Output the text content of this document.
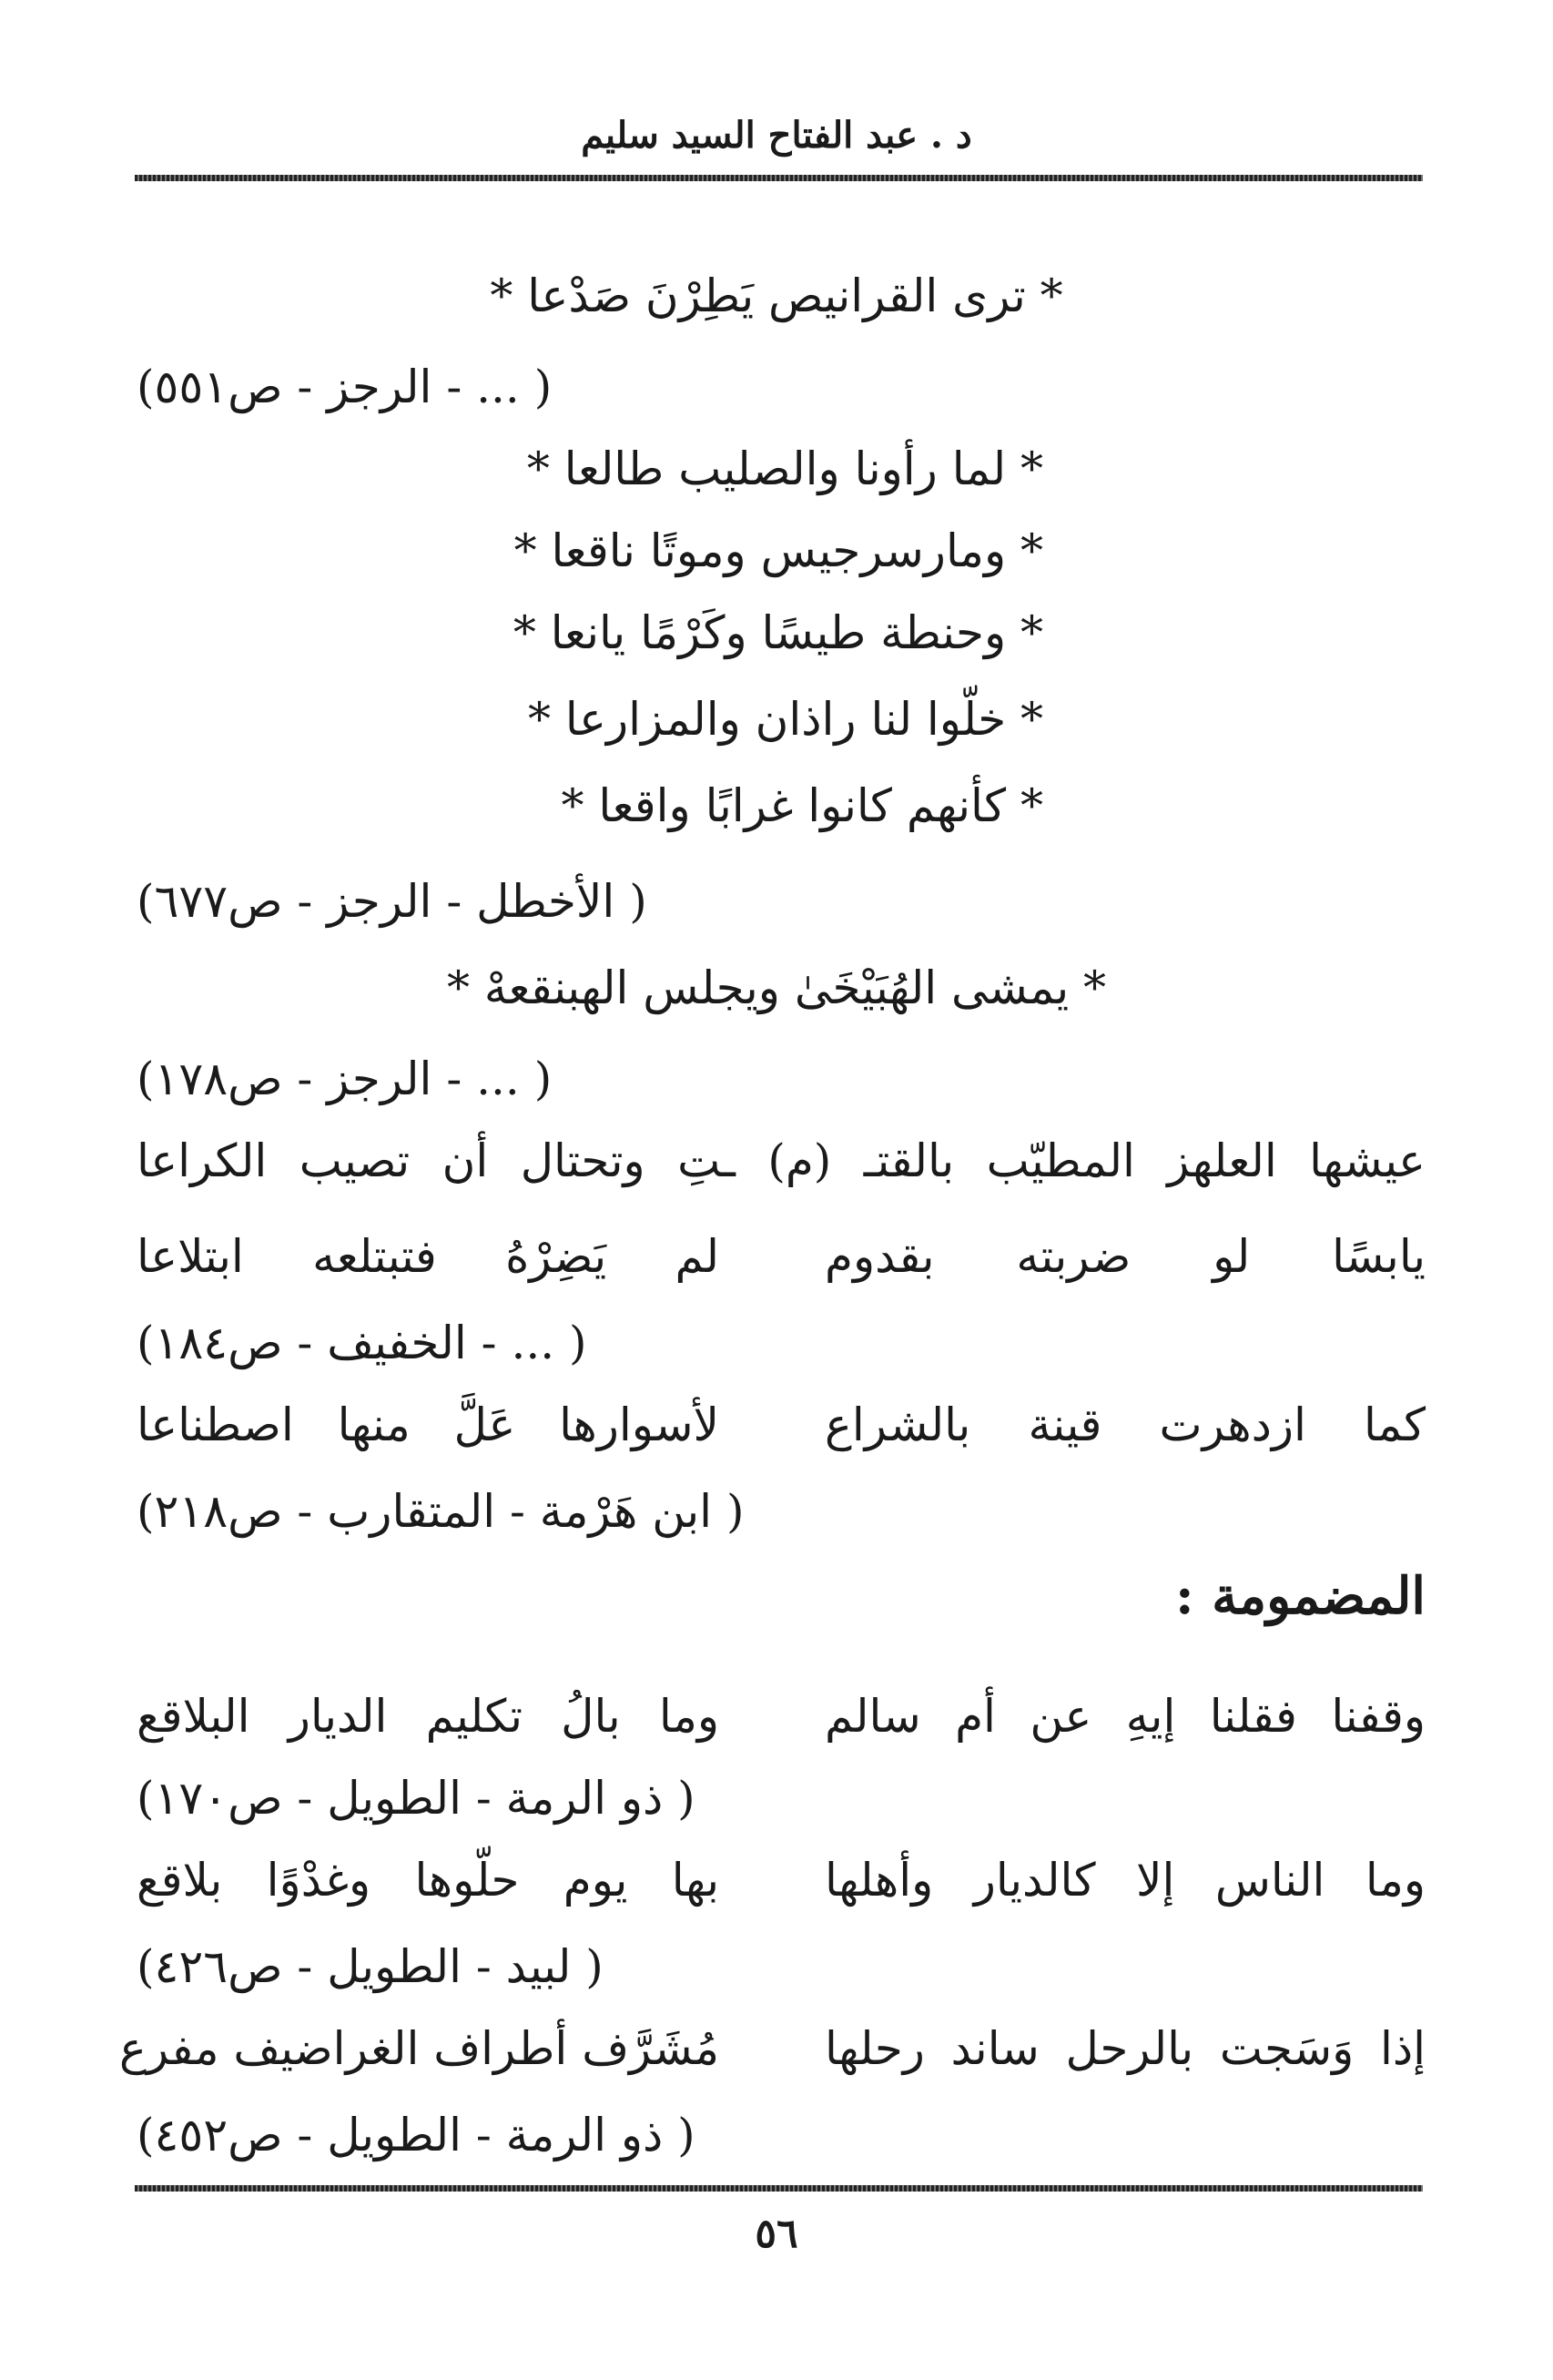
د . عبد الفتاح السيد سليم
* ترى القرانيص يَطِرْنَ صَدْعا *
( ... - الرجز - ص٥٥١)
* لما رأونا والصليب طالعا *
* ومارسرجيس وموتًا ناقعا *
* وحنطة طيسًا وكَرْمًا يانعا *
* خلّوا لنا راذان والمزارعا *
* كأنهم كانوا غرابًا واقعا *
( الأخطل - الرجز - ص٦٧٧)
* يمشى الهُبَيْخَىٰ ويجلس الهبنقعهْ *
( ... - الرجز - ص١٧٨)
عيشها العلهز المطيّب بالقتـ (م) ـتِ وتحتال أن تصيب الكراعا
يابسًا لو ضربته بقدوم
لم يَضِرْهُ فتبتلعه ابتلاعا
( ... - الخفيف - ص١٨٤)
كما ازدهرت قينة بالشراع
لأسوارها عَلَّ منها اصطناعا
( ابن هَرْمة - المتقارب - ص٢١٨)
المضمومة :
وقفنا فقلنا إيهِ عن أم سالم
وما بالُ تكليم الديار البلاقع
( ذو الرمة - الطويل - ص١٧٠)
وما الناس إلا كالديار وأهلها
بها يوم حلّوها وغدْوًا بلاقع
( لبيد - الطويل - ص٤٢٦)
إذا وَسَجت بالرحل ساند رحلها
مُشَرَّف أطراف الغراضيف مفرع
( ذو الرمة - الطويل - ص٤٥٢)
٥٦
